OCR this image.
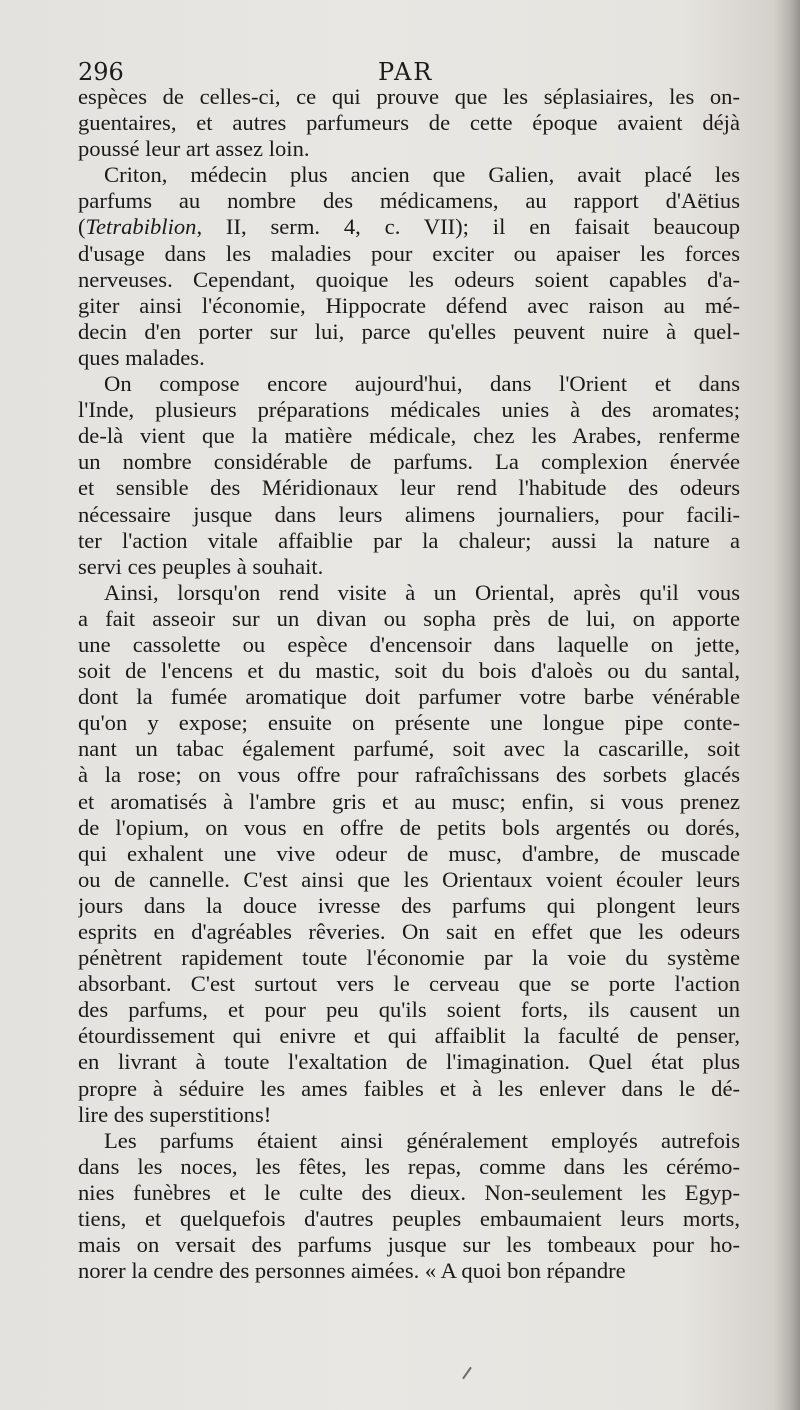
296	PAR
espèces de celles-ci, ce qui prouve que les séplasiaires, les on-
guentaires, et autres parfumeurs de cette époque avaient déjà
poussé leur art assez loin.
Criton, médecin plus ancien que Galien, avait placé les
parfums au nombre des médicamens, au rapport d'Aëtius
(Tetrabiblion, II, serm. 4, c. VII); il en faisait beaucoup
d'usage dans les maladies pour exciter ou apaiser les forces
nerveuses. Cependant, quoique les odeurs soient capables d'a-
giter ainsi l'économie, Hippocrate défend avec raison au mé-
decin d'en porter sur lui, parce qu'elles peuvent nuire à quel-
ques malades.
On compose encore aujourd'hui, dans l'Orient et dans
l'Inde, plusieurs préparations médicales unies à des aromates;
de-là vient que la matière médicale, chez les Arabes, renferme
un nombre considérable de parfums. La complexion énervée
et sensible des Méridionaux leur rend l'habitude des odeurs
nécessaire jusque dans leurs alimens journaliers, pour facili-
ter l'action vitale affaiblie par la chaleur; aussi la nature a
servi ces peuples à souhait.
Ainsi, lorsqu'on rend visite à un Oriental, après qu'il vous
a fait asseoir sur un divan ou sopha près de lui, on apporte
une cassolette ou espèce d'encensoir dans laquelle on jette,
soit de l'encens et du mastic, soit du bois d'aloès ou du santal,
dont la fumée aromatique doit parfumer votre barbe vénérable
qu'on y expose; ensuite on présente une longue pipe conte-
nant un tabac également parfumé, soit avec la cascarille, soit
à la rose; on vous offre pour rafraîchissans des sorbets glacés
et aromatisés à l'ambre gris et au musc; enfin, si vous prenez
de l'opium, on vous en offre de petits bols argentés ou dorés,
qui exhalent une vive odeur de musc, d'ambre, de muscade
ou de cannelle. C'est ainsi que les Orientaux voient écouler leurs
jours dans la douce ivresse des parfums qui plongent leurs
esprits en d'agréables rêveries. On sait en effet que les odeurs
pénètrent rapidement toute l'économie par la voie du système
absorbant. C'est surtout vers le cerveau que se porte l'action
des parfums, et pour peu qu'ils soient forts, ils causent un
étourdissement qui enivre et qui affaiblit la faculté de penser,
en livrant à toute l'exaltation de l'imagination. Quel état plus
propre à séduire les ames faibles et à les enlever dans le dé-
lire des superstitions!
Les parfums étaient ainsi généralement employés autrefois
dans les noces, les fêtes, les repas, comme dans les cérémo-
nies funèbres et le culte des dieux. Non-seulement les Egyp-
tiens, et quelquefois d'autres peuples embaumaient leurs morts,
mais on versait des parfums jusque sur les tombeaux pour ho-
norer la cendre des personnes aimées. « A quoi bon répandre
